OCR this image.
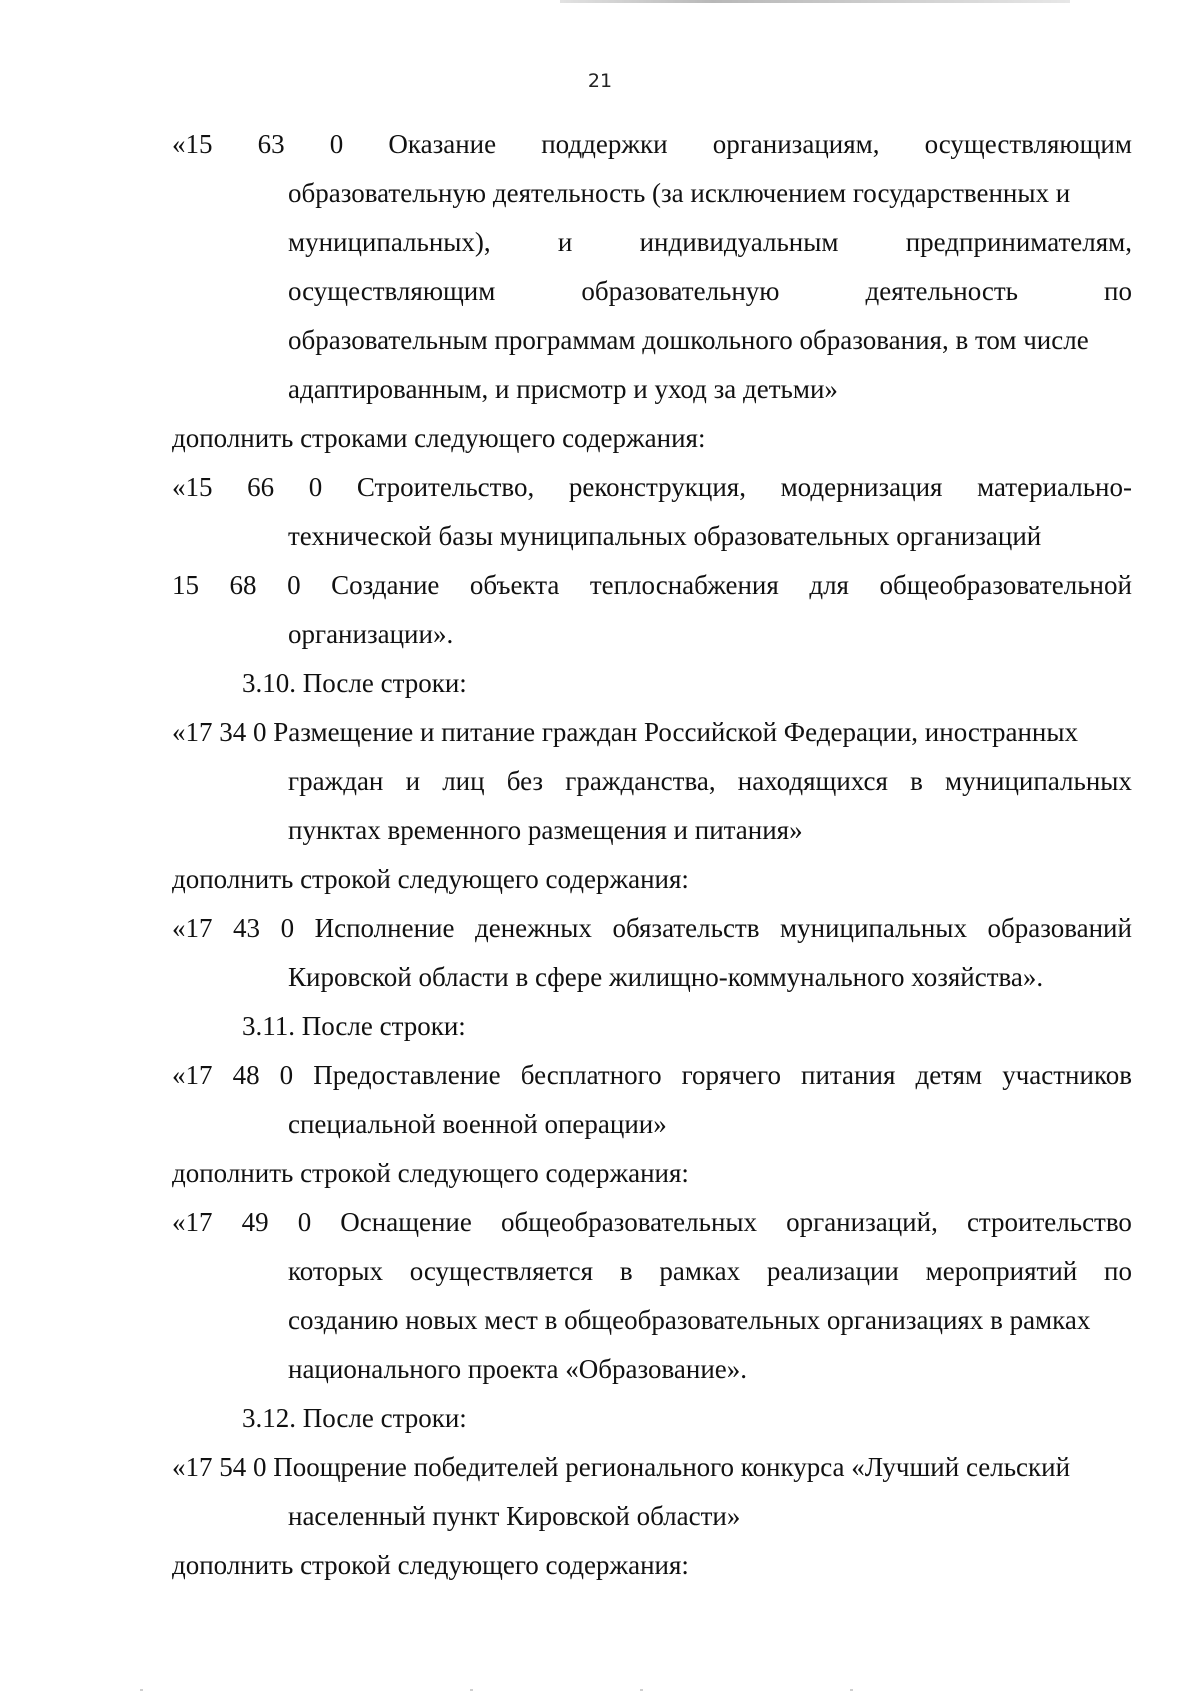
21
«15 63 0 Оказание поддержки организациям, осуществляющим
образовательную деятельность (за исключением государственных и
муниципальных), и индивидуальным предпринимателям,
осуществляющим	образовательную	деятельность	по
образовательным программам дошкольного образования, в том числе
адаптированным, и присмотр и уход за детьми»
дополнить строками следующего содержания:
«15 66 0 Строительство, реконструкция, модернизация материально-
технической базы муниципальных образовательных организаций
15 68 0 Создание объекта теплоснабжения для общеобразовательной
организации».
3.10. После строки:
«17 34 0 Размещение и питание граждан Российской Федерации, иностранных
граждан и лиц без гражданства, находящихся в муниципальных
пунктах временного размещения и питания»
дополнить строкой следующего содержания:
«17 43 0 Исполнение денежных обязательств муниципальных образований
Кировской области в сфере жилищно-коммунального хозяйства».
3.11. После строки:
«17 48 0 Предоставление бесплатного горячего питания детям участников
специальной военной операции»
дополнить строкой следующего содержания:
«17 49 0 Оснащение общеобразовательных организаций, строительство
которых осуществляется в рамках реализации мероприятий по
созданию новых мест в общеобразовательных организациях в рамках
национального проекта «Образование».
3.12. После строки:
«17 54 0 Поощрение победителей регионального конкурса «Лучший сельский
населенный пункт Кировской области»
дополнить строкой следующего содержания:
